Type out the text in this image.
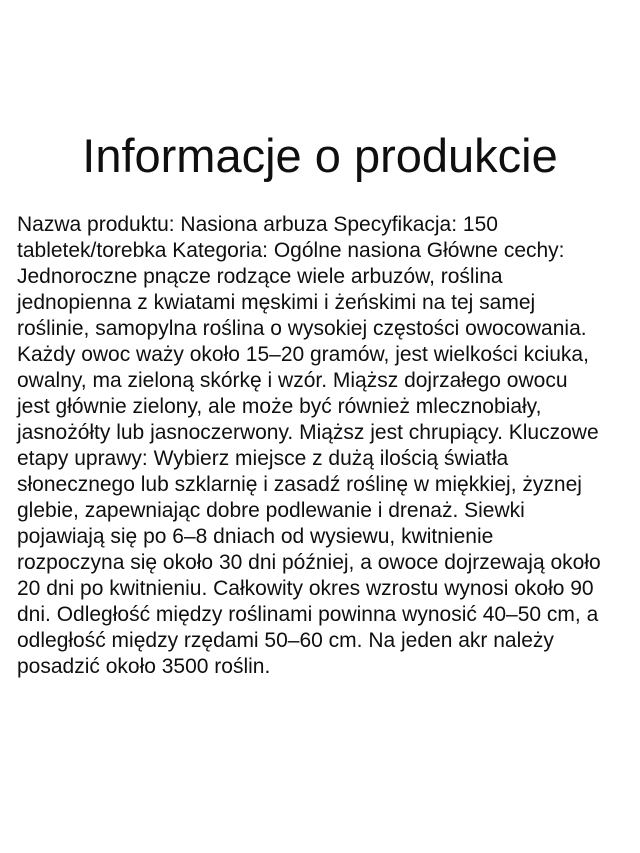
Informacje o produkcie
Nazwa produktu: Nasiona arbuza Specyfikacja: 150
tabletek/torebka Kategoria: Ogólne nasiona Główne cechy:
Jednoroczne pnącze rodzące wiele arbuzów, roślina
jednopienna z kwiatami męskimi i żeńskimi na tej samej
roślinie, samopylna roślina o wysokiej częstości owocowania.
Każdy owoc waży około 15–20 gramów, jest wielkości kciuka,
owalny, ma zieloną skórkę i wzór. Miąższ dojrzałego owocu
jest głównie zielony, ale może być również mlecznobiały,
jasnożółty lub jasnoczerwony. Miąższ jest chrupiący. Kluczowe
etapy uprawy: Wybierz miejsce z dużą ilością światła
słonecznego lub szklarnię i zasadź roślinę w miękkiej, żyznej
glebie, zapewniając dobre podlewanie i drenaż. Siewki
pojawiają się po 6–8 dniach od wysiewu, kwitnienie
rozpoczyna się około 30 dni później, a owoce dojrzewają około
20 dni po kwitnieniu. Całkowity okres wzrostu wynosi około 90
dni. Odległość między roślinami powinna wynosić 40–50 cm, a
odległość między rzędami 50–60 cm. Na jeden akr należy
posadzić około 3500 roślin.
